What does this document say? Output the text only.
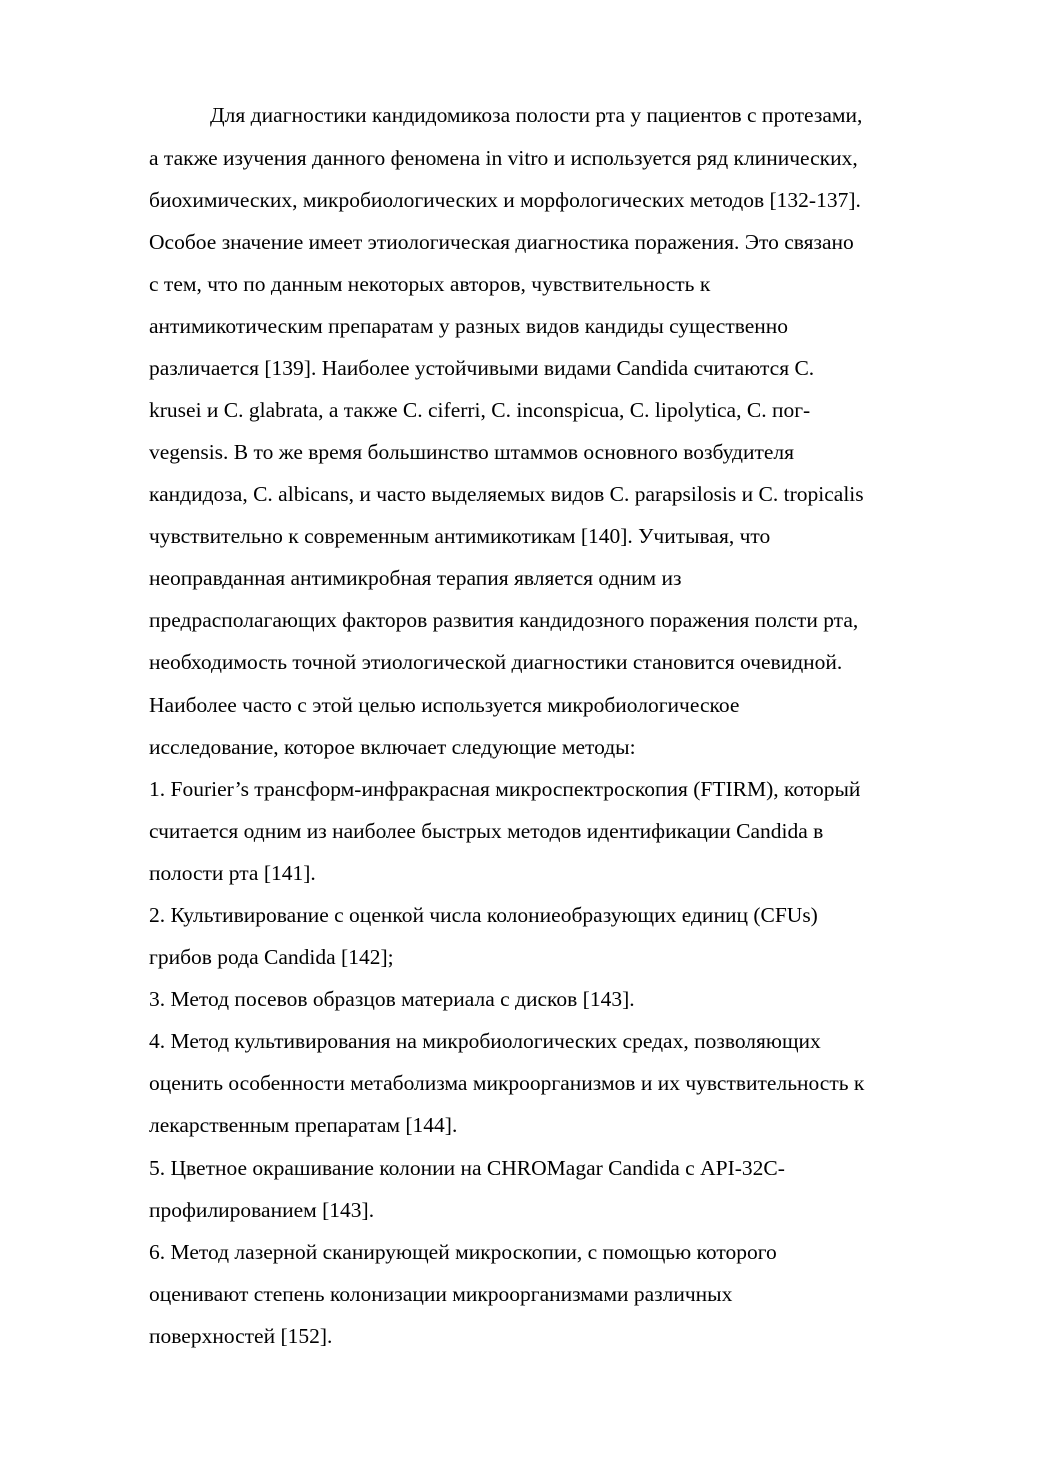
Для диагностики кандидомикоза полости рта у пациентов с протезами,

а также изучения данного феномена in vitro и используется ряд клинических,

биохимических, микробиологических и морфологических методов [132-137].

Особое значение имеет этиологическая диагностика поражения. Это связано

с тем, что по данным некоторых авторов, чувствительность к

антимикотическим препаратам у разных видов кандиды существенно

различается [139]. Наиболее устойчивыми видами Candida считаются C.

krusei и C. glabrata, а также C. ciferri, C. inconspicua, C. lipolytica, C. пог-

vegensis. В то же время большинство штаммов основного возбудителя

кандидоза, С. albicans, и часто выделяемых видов С. parapsilosis и С. tropicalis

чувствительно к современным антимикотикам [140]. Учитывая, что

неоправданная антимикробная терапия является одним из

предрасполагающих факторов развития кандидозного поражения полсти рта,

необходимость точной этиологической диагностики становится очевидной.

Наиболее часто с этой целью используется микробиологическое

исследование, которое включает следующие методы:

1. Fourier’s трансформ-инфракрасная микроспектроскопия (FTIRM), который

считается одним из наиболее быстрых методов идентификации Candida в

полости рта [141].

2. Культивирование с оценкой числа колониеобразующих единиц (CFUs)

грибов рода Candida [142];

3. Метод посевов образцов материала с дисков [143].

4. Метод культивирования на микробиологических средах, позволяющих

оценить особенности метаболизма микроорганизмов и их чувствительность к

лекарственным препаратам [144].

5. Цветное окрашивание колонии на CHROMagar Candida с API-32C-

профилированием [143].

6. Метод лазерной сканирующей микроскопии, с помощью которого

оценивают степень колонизации микроорганизмами различных

поверхностей [152].
